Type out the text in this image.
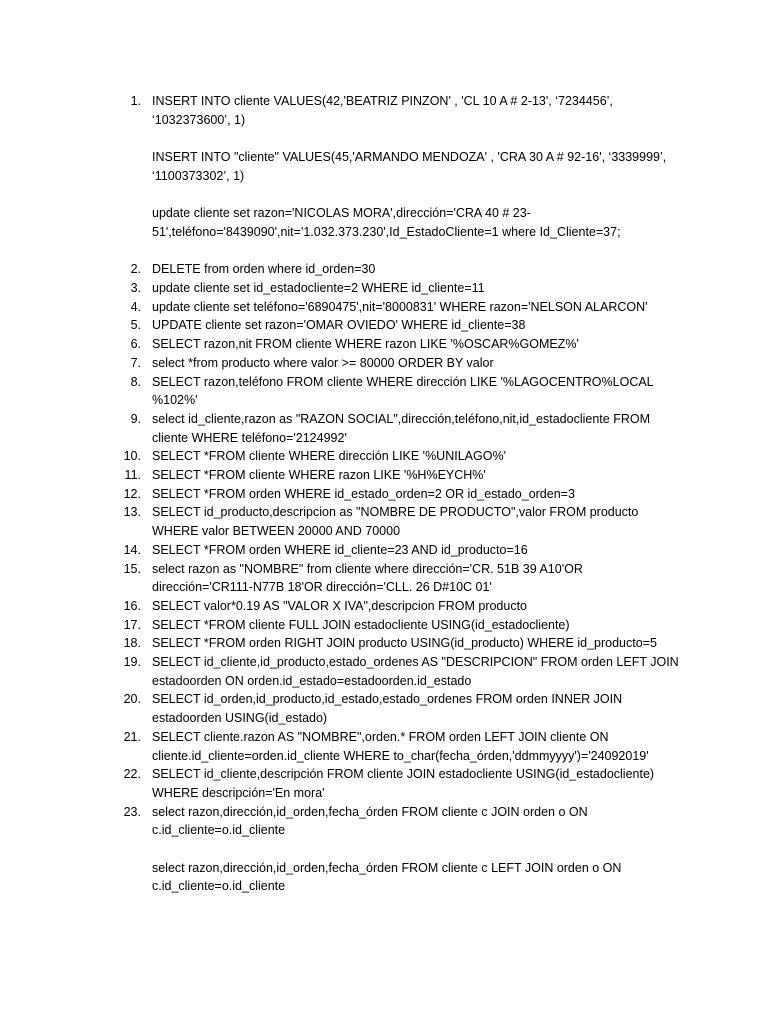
1. INSERT INTO cliente VALUES(42,'BEATRIZ PINZON' , 'CL 10 A # 2-13', ‘7234456’,
‘1032373600’, 1)
INSERT INTO "cliente" VALUES(45,'ARMANDO MENDOZA' , 'CRA 30 A # 92-16', ‘3339999’,
‘1100373302’, 1)
update cliente set razon='NICOLAS MORA',dirección='CRA 40 # 23-
51',teléfono='8439090',nit='1.032.373.230',Id_EstadoCliente=1 where Id_Cliente=37;
2. DELETE from orden where id_orden=30
3. update cliente set id_estadocliente=2 WHERE id_cliente=11
4. update cliente set teléfono='6890475',nit='8000831' WHERE razon='NELSON ALARCON'
5. UPDATE cliente set razon='OMAR OVIEDO' WHERE id_cliente=38
6. SELECT razon,nit FROM cliente WHERE razon LIKE '%OSCAR%GOMEZ%'
7. select *from producto where valor >= 80000 ORDER BY valor
8. SELECT razon,teléfono FROM cliente WHERE dirección LIKE '%LAGOCENTRO%LOCAL
%102%'
9. select id_cliente,razon as "RAZON SOCIAL",dirección,teléfono,nit,id_estadocliente FROM
cliente WHERE teléfono='2124992'
10. SELECT *FROM cliente WHERE dirección LIKE '%UNILAGO%'
11. SELECT *FROM cliente WHERE razon LIKE '%H%EYCH%'
12. SELECT *FROM orden WHERE id_estado_orden=2 OR id_estado_orden=3
13. SELECT id_producto,descripcion as "NOMBRE DE PRODUCTO",valor FROM producto
WHERE valor BETWEEN 20000 AND 70000
14. SELECT *FROM orden WHERE id_cliente=23 AND id_producto=16
15. select razon as "NOMBRE" from cliente where dirección='CR. 51B 39 A10'OR
dirección='CR111-N77B 18'OR dirección='CLL. 26 D#10C 01'
16. SELECT valor*0.19 AS "VALOR X IVA",descripcion FROM producto
17. SELECT *FROM cliente FULL JOIN estadocliente USING(id_estadocliente)
18. SELECT *FROM orden RIGHT JOIN producto USING(id_producto) WHERE id_producto=5
19. SELECT id_cliente,id_producto,estado_ordenes AS "DESCRIPCION" FROM orden LEFT JOIN
estadoorden ON orden.id_estado=estadoorden.id_estado
20. SELECT id_orden,id_producto,id_estado,estado_ordenes FROM orden INNER JOIN
estadoorden USING(id_estado)
21. SELECT cliente.razon AS "NOMBRE",orden.* FROM orden LEFT JOIN cliente ON
cliente.id_cliente=orden.id_cliente WHERE to_char(fecha_órden,'ddmmyyyy')='24092019'
22. SELECT id_cliente,descripción FROM cliente JOIN estadocliente USING(id_estadocliente)
WHERE descripción='En mora'
23. select razon,dirección,id_orden,fecha_órden FROM cliente c JOIN orden o ON
c.id_cliente=o.id_cliente
select razon,dirección,id_orden,fecha_órden FROM cliente c LEFT JOIN orden o ON
c.id_cliente=o.id_cliente
